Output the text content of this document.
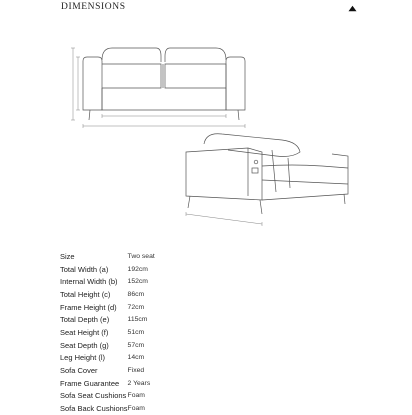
DIMENSIONS
Size	Two seat
Total Width (a)	192cm
Internal Width (b)	152cm
Total Height (c)	86cm
Frame Height (d)	72cm
Total Depth (e)	115cm
Seat Height (f)	51cm
Seat Depth (g)	57cm
Leg Height (l)	14cm
Sofa Cover	Fixed
Frame Guarantee	2 Years
Sofa Seat Cushions	Foam
Sofa Back Cushions	Foam
